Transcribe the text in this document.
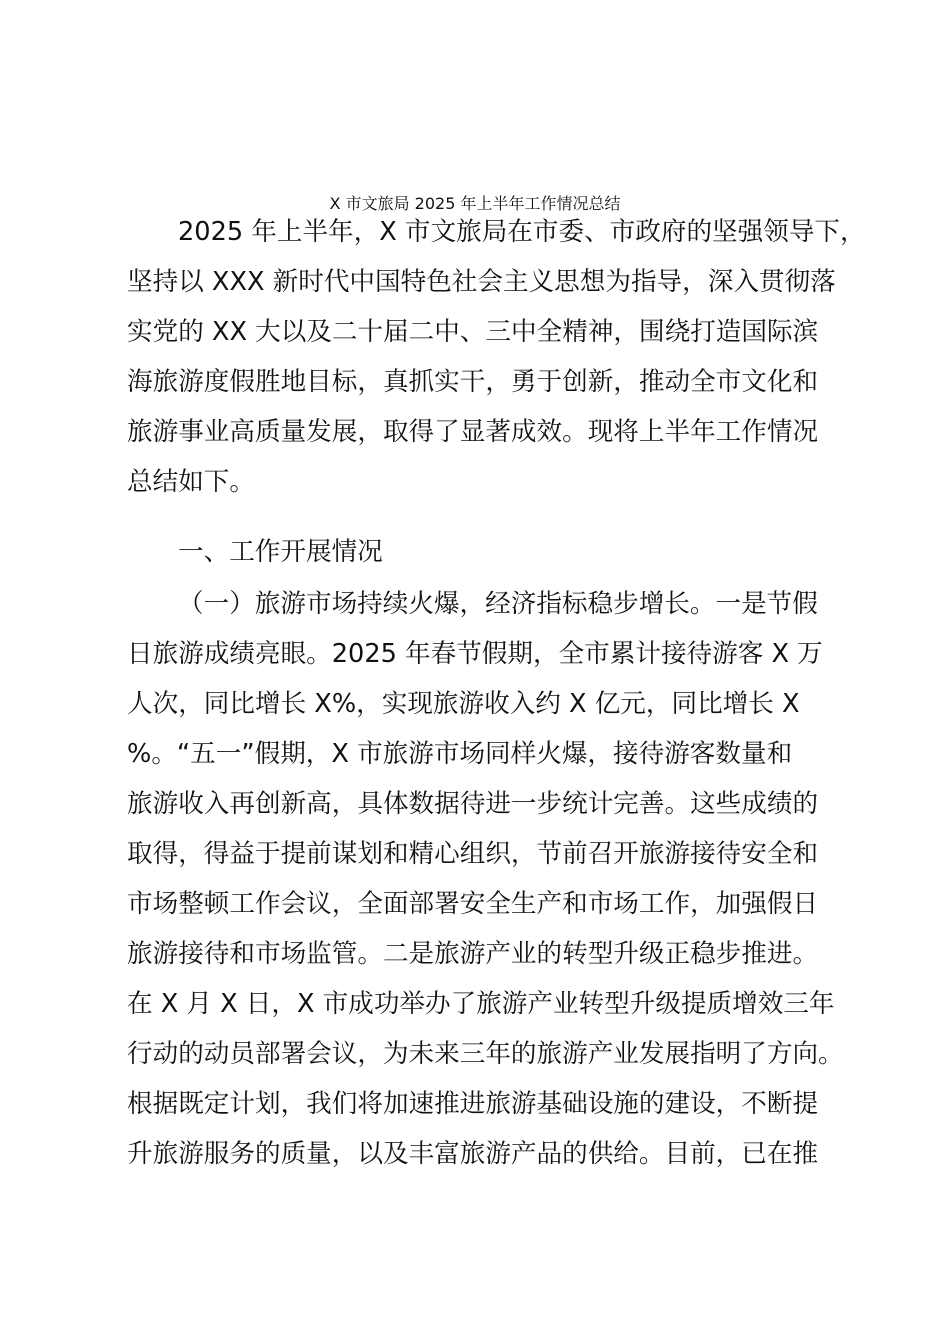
X 市文旅局 2025 年上半年工作情况总结
2025 年上半年，X 市文旅局在市委、市政府的坚强领导下，
坚持以 XXX 新时代中国特色社会主义思想为指导，深入贯彻落
实党的 XX 大以及二十届二中、三中全精神，围绕打造国际滨
海旅游度假胜地目标，真抓实干，勇于创新，推动全市文化和
旅游事业高质量发展，取得了显著成效。现将上半年工作情况
总结如下。
一、工作开展情况
（一）旅游市场持续火爆，经济指标稳步增长。一是节假
日旅游成绩亮眼。2025 年春节假期，全市累计接待游客 X 万
人次，同比增长 X%，实现旅游收入约 X 亿元，同比增长 X
%。“五一”假期，X 市旅游市场同样火爆，接待游客数量和
旅游收入再创新高，具体数据待进一步统计完善。这些成绩的
取得，得益于提前谋划和精心组织，节前召开旅游接待安全和
市场整顿工作会议，全面部署安全生产和市场工作，加强假日
旅游接待和市场监管。二是旅游产业的转型升级正稳步推进。
在 X 月 X 日，X 市成功举办了旅游产业转型升级提质增效三年
行动的动员部署会议，为未来三年的旅游产业发展指明了方向。
根据既定计划，我们将加速推进旅游基础设施的建设，不断提
升旅游服务的质量，以及丰富旅游产品的供给。目前，已在推
